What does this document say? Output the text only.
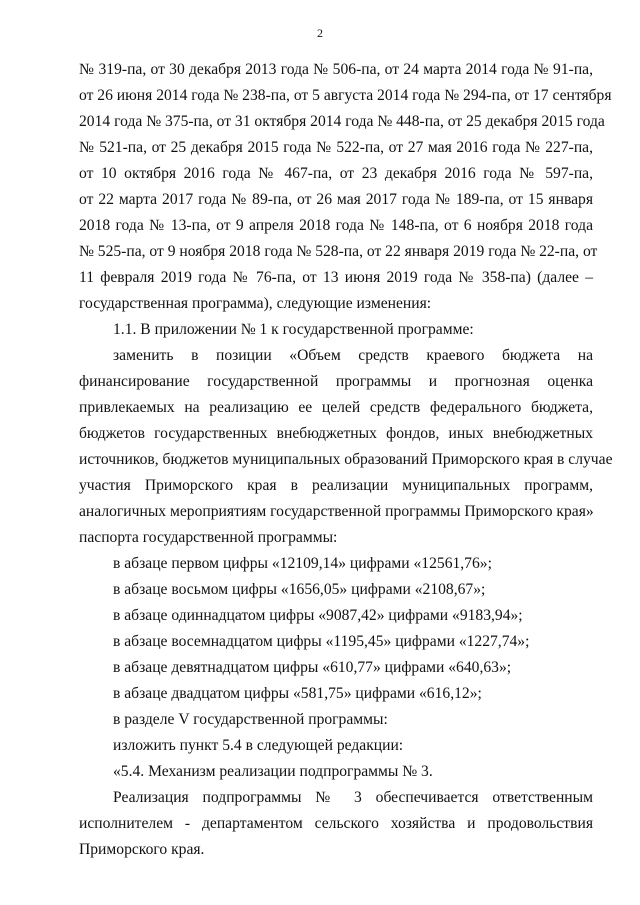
2
№ 319-па, от 30 декабря 2013 года № 506-па, от 24 марта 2014 года № 91-па,
от 26 июня 2014 года № 238-па, от 5 августа 2014 года № 294-па, от 17 сентября
2014 года № 375-па, от 31 октября 2014 года № 448-па, от 25 декабря 2015 года
№ 521-па, от 25 декабря 2015 года № 522-па, от 27 мая 2016 года № 227-па,
от 10 октября 2016 года № 467-па, от 23 декабря 2016 года № 597-па,
от 22 марта 2017 года № 89-па, от 26 мая 2017 года № 189-па, от 15 января
2018 года № 13-па, от 9 апреля 2018 года № 148-па, от 6 ноября 2018 года
№ 525-па, от 9 ноября 2018 года № 528-па, от 22 января 2019 года № 22-па, от
11 февраля 2019 года № 76-па, от 13 июня 2019 года № 358-па) (далее –
государственная программа), следующие изменения:
1.1. В приложении № 1 к государственной программе:
заменить в позиции «Объем средств краевого бюджета на
финансирование государственной программы и прогнозная оценка
привлекаемых на реализацию ее целей средств федерального бюджета,
бюджетов государственных внебюджетных фондов, иных внебюджетных
источников, бюджетов муниципальных образований Приморского края в случае
участия Приморского края в реализации муниципальных программ,
аналогичных мероприятиям государственной программы Приморского края»
паспорта государственной программы:
в абзаце первом цифры «12109,14» цифрами «12561,76»;
в абзаце восьмом цифры «1656,05» цифрами «2108,67»;
в абзаце одиннадцатом цифры «9087,42» цифрами «9183,94»;
в абзаце восемнадцатом цифры «1195,45» цифрами «1227,74»;
в абзаце девятнадцатом цифры «610,77» цифрами «640,63»;
в абзаце двадцатом цифры «581,75» цифрами «616,12»;
в разделе V государственной программы:
изложить пункт 5.4 в следующей редакции:
«5.4. Механизм реализации подпрограммы № 3.
Реализация подпрограммы № 3 обеспечивается ответственным
исполнителем - департаментом сельского хозяйства и продовольствия
Приморского края.
